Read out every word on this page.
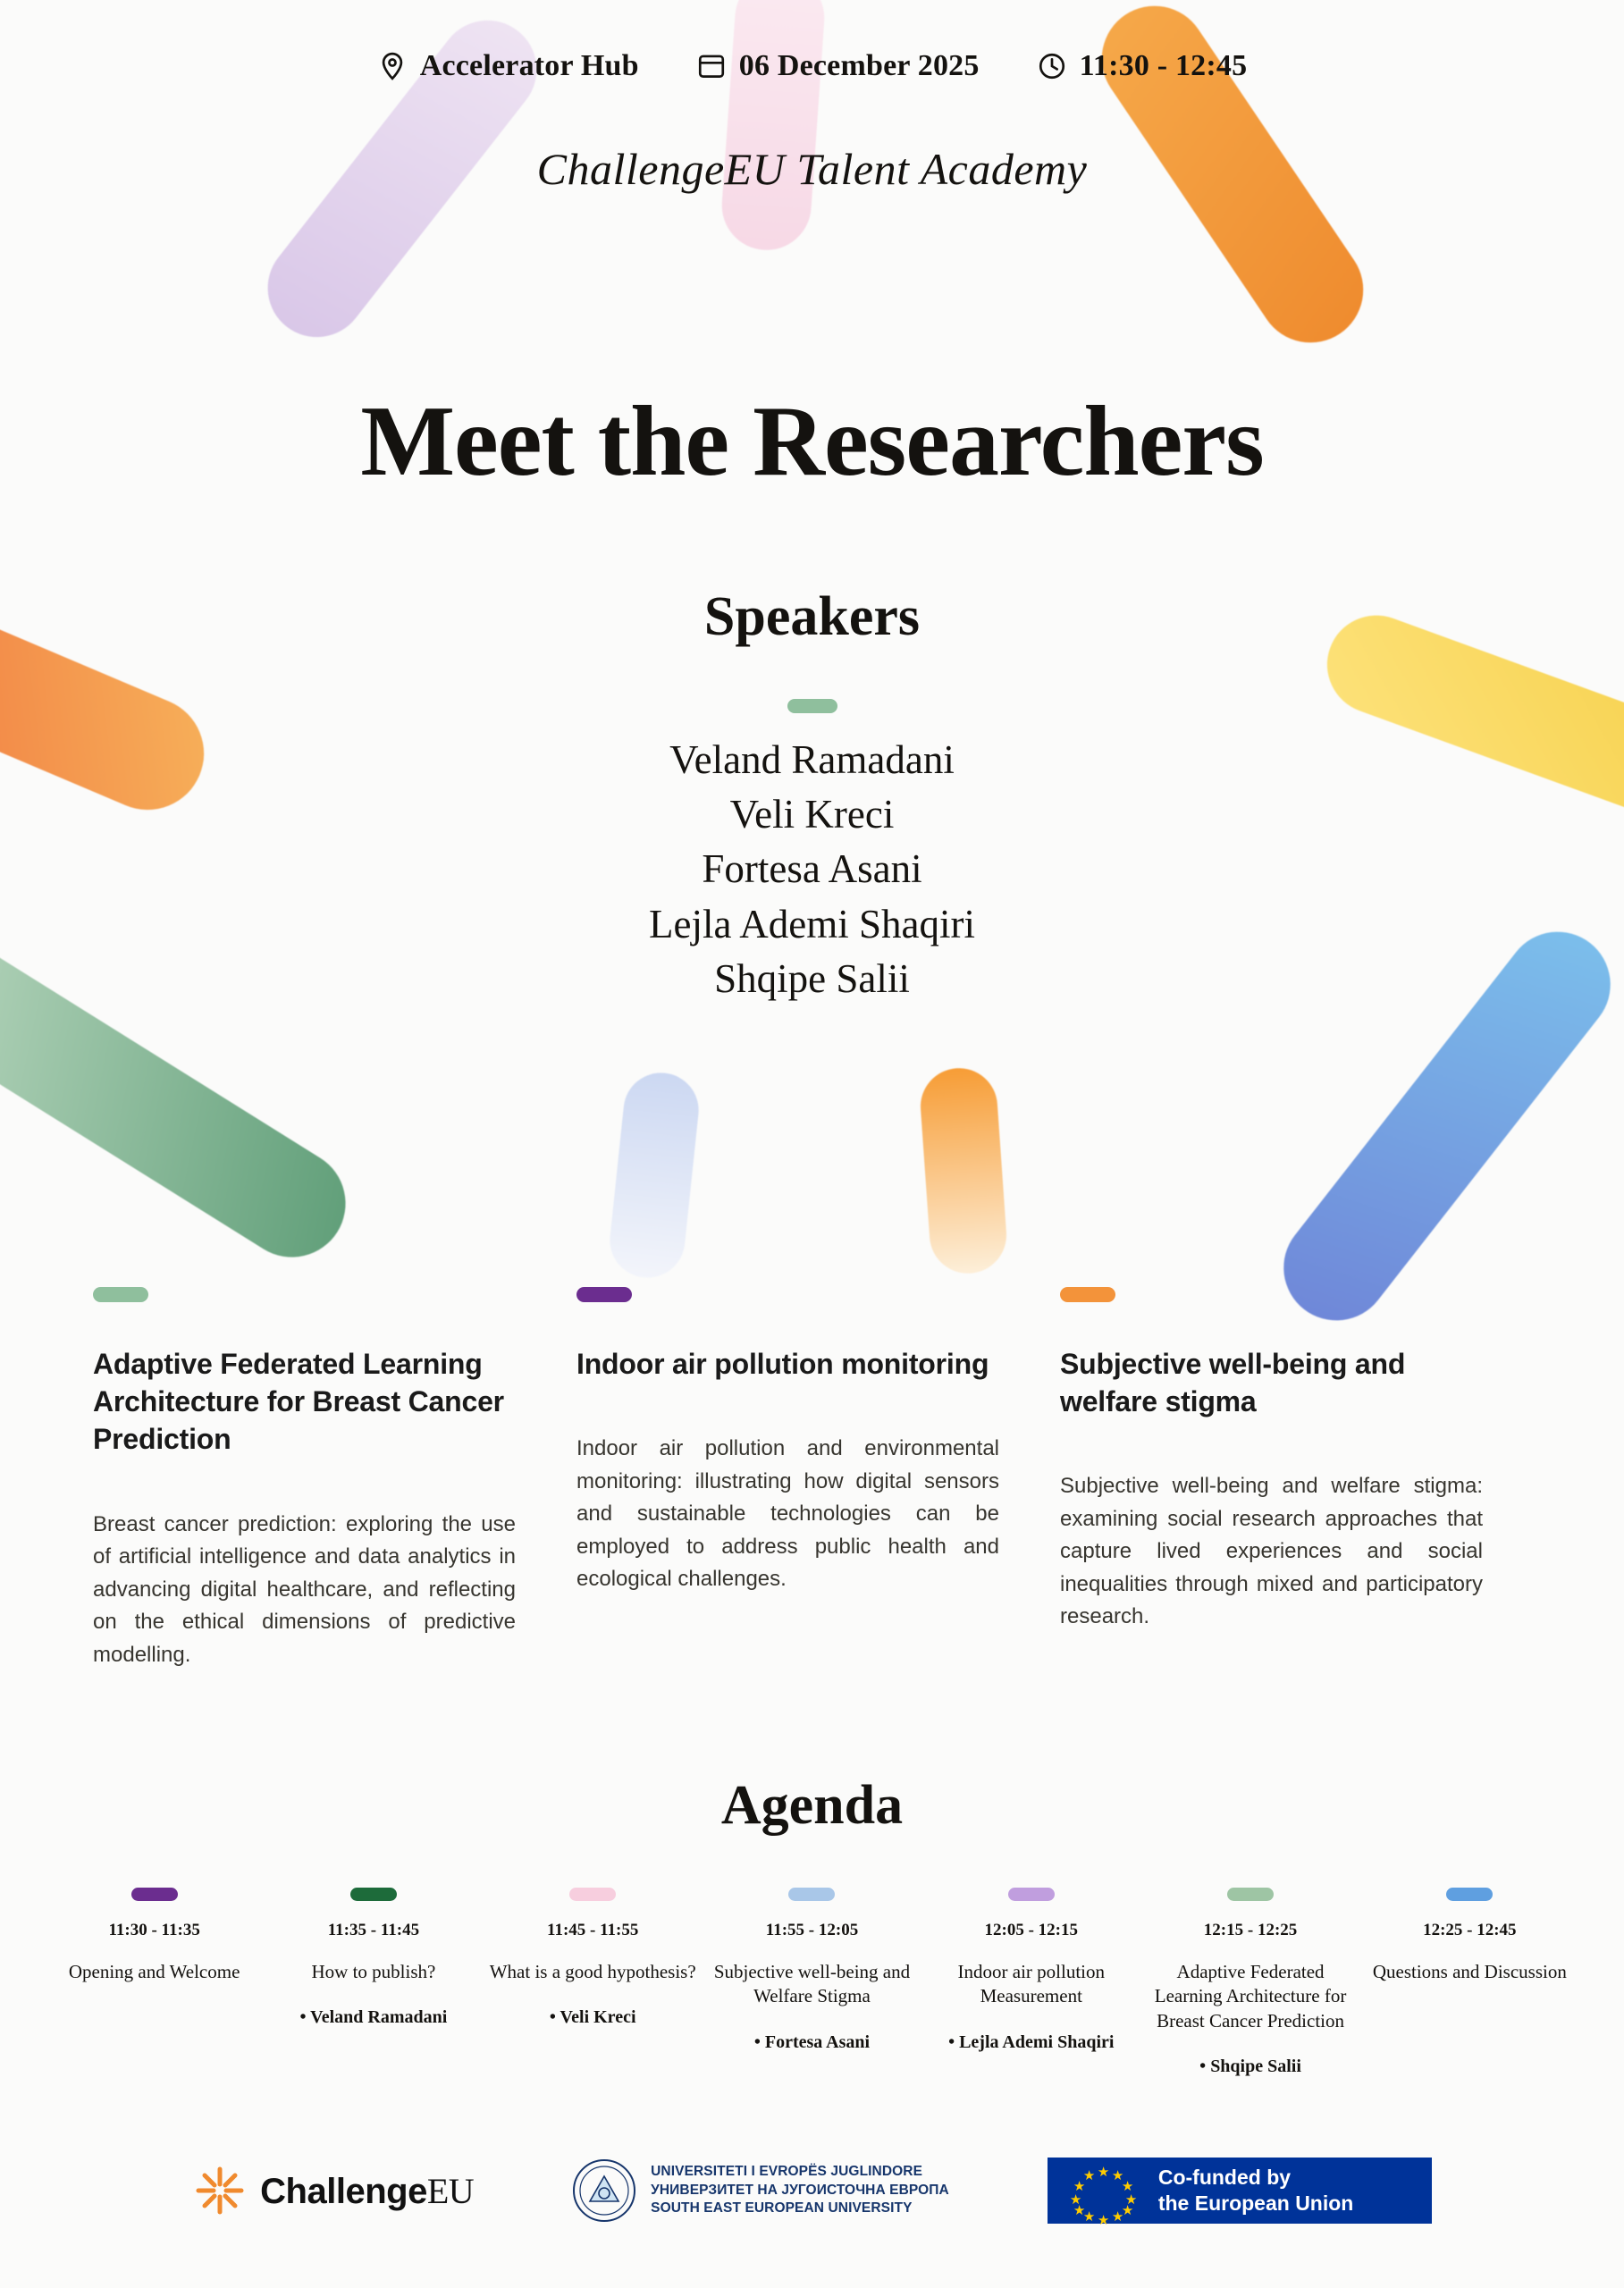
Accelerator Hub	06 December 2025	11:30 - 12:45
ChallengeEU Talent Academy
Meet the Researchers
Speakers
Veland Ramadani
Veli Kreci
Fortesa Asani
Lejla Ademi Shaqiri
Shqipe Salii
Adaptive Federated Learning Architecture for Breast Cancer Prediction

Breast cancer prediction: exploring the use of artificial intelligence and data analytics in advancing digital healthcare, and reflecting on the ethical dimensions of predictive modelling.

Indoor air pollution monitoring

Indoor air pollution and environmental monitoring: illustrating how digital sensors and sustainable technologies can be employed to address public health and ecological challenges.

Subjective well-being and welfare stigma

Subjective well-being and welfare stigma: examining social research approaches that capture lived experiences and social inequalities through mixed and participatory research.

Agenda
11:30 - 11:35
Opening and Welcome
11:35 - 11:45
How to publish?
• Veland Ramadani
11:45 - 11:55
What is a good hypothesis?
• Veli Kreci
11:55 - 12:05
Subjective well-being and Welfare Stigma
• Fortesa Asani
12:05 - 12:15
Indoor air pollution Measurement
• Lejla Ademi Shaqiri
12:15 - 12:25
Adaptive Federated Learning Architecture for Breast Cancer Prediction
• Shqipe Salii
12:25 - 12:45
Questions and Discussion
ChallengeEU	UNIVERSITETI I EVROPËS JUGLINDORE
УНИВЕРЗИТЕТ НА ЈУГОИСТОЧНА ЕВРОПА
SOUTH EAST EUROPEAN UNIVERSITY
★ ★
★
★
★
★
★
★
★
★
★
★	Co-funded by
the European Union
